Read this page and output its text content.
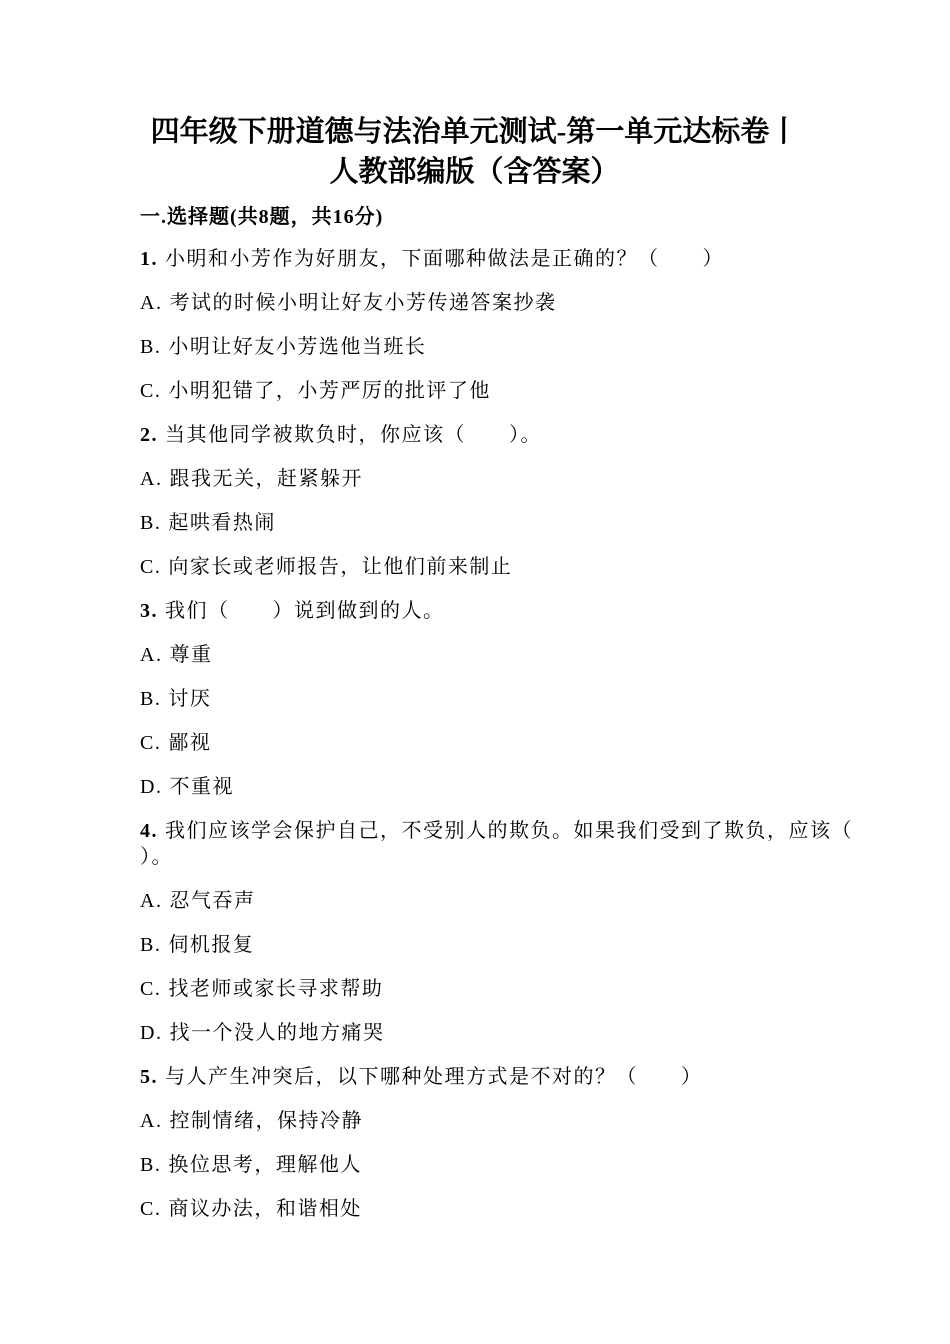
四年级下册道德与法治单元测试-第一单元达标卷丨人教部编版（含答案）
一.选择题(共8题，共16分)

1. 小明和小芳作为好朋友，下面哪种做法是正确的？（　　）

A. 考试的时候小明让好友小芳传递答案抄袭

B. 小明让好友小芳选他当班长

C. 小明犯错了，小芳严厉的批评了他

2. 当其他同学被欺负时，你应该（　　）。

A. 跟我无关，赶紧躲开

B. 起哄看热闹

C. 向家长或老师报告，让他们前来制止

3. 我们（　　）说到做到的人。

A. 尊重

B. 讨厌

C. 鄙视

D. 不重视

4. 我们应该学会保护自己，不受别人的欺负。如果我们受到了欺负，应该（）。

A. 忍气吞声

B. 伺机报复

C. 找老师或家长寻求帮助

D. 找一个没人的地方痛哭

5. 与人产生冲突后，以下哪种处理方式是不对的？（　　）

A. 控制情绪，保持冷静

B. 换位思考，理解他人

C. 商议办法，和谐相处
